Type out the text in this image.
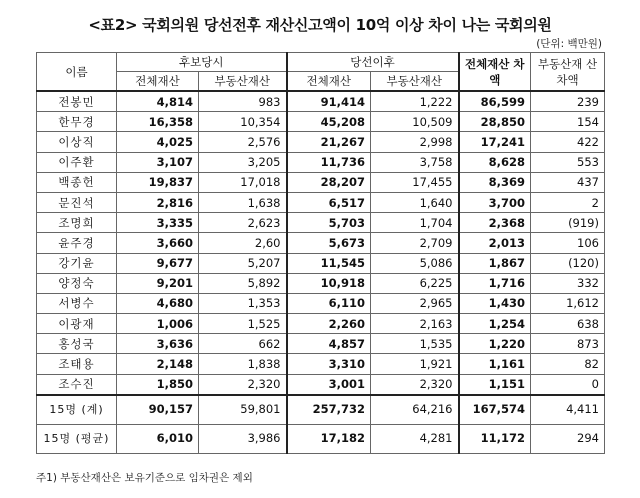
<표2> 국회의원 당선전후 재산신고액이 10억 이상 차이 나는 국회의원
(단위: 백만원)
이름	후보당시		당선이후		전체재산 차액	부동산재 산 차액
	전체재산	부동산재산	전체재산	부동산재산		
전봉민	4,814	983	91,414	1,222	86,599	239
한무경	16,358	10,354	45,208	10,509	28,850	154
이상직	4,025	2,576	21,267	2,998	17,241	422
이주환	3,107	3,205	11,736	3,758	8,628	553
백종헌	19,837	17,018	28,207	17,455	8,369	437
문진석	2,816	1,638	6,517	1,640	3,700	2
조명희	3,335	2,623	5,703	1,704	2,368	(919)
윤주경	3,660	2,60	5,673	2,709	2,013	106
강기윤	9,677	5,207	11,545	5,086	1,867	(120)
양정숙	9,201	5,892	10,918	6,225	1,716	332
서병수	4,680	1,353	6,110	2,965	1,430	1,612
이광재	1,006	1,525	2,260	2,163	1,254	638
홍성국	3,636	662	4,857	1,535	1,220	873
조태용	2,148	1,838	3,310	1,921	1,161	82
조수진	1,850	2,320	3,001	2,320	1,151	0
15명 (계)	90,157	59,801	257,732	64,216	167,574	4,411
15명 (평균)	6,010	3,986	17,182	4,281	11,172	294
주1) 부동산재산은 보유기준으로 임차권은 제외
